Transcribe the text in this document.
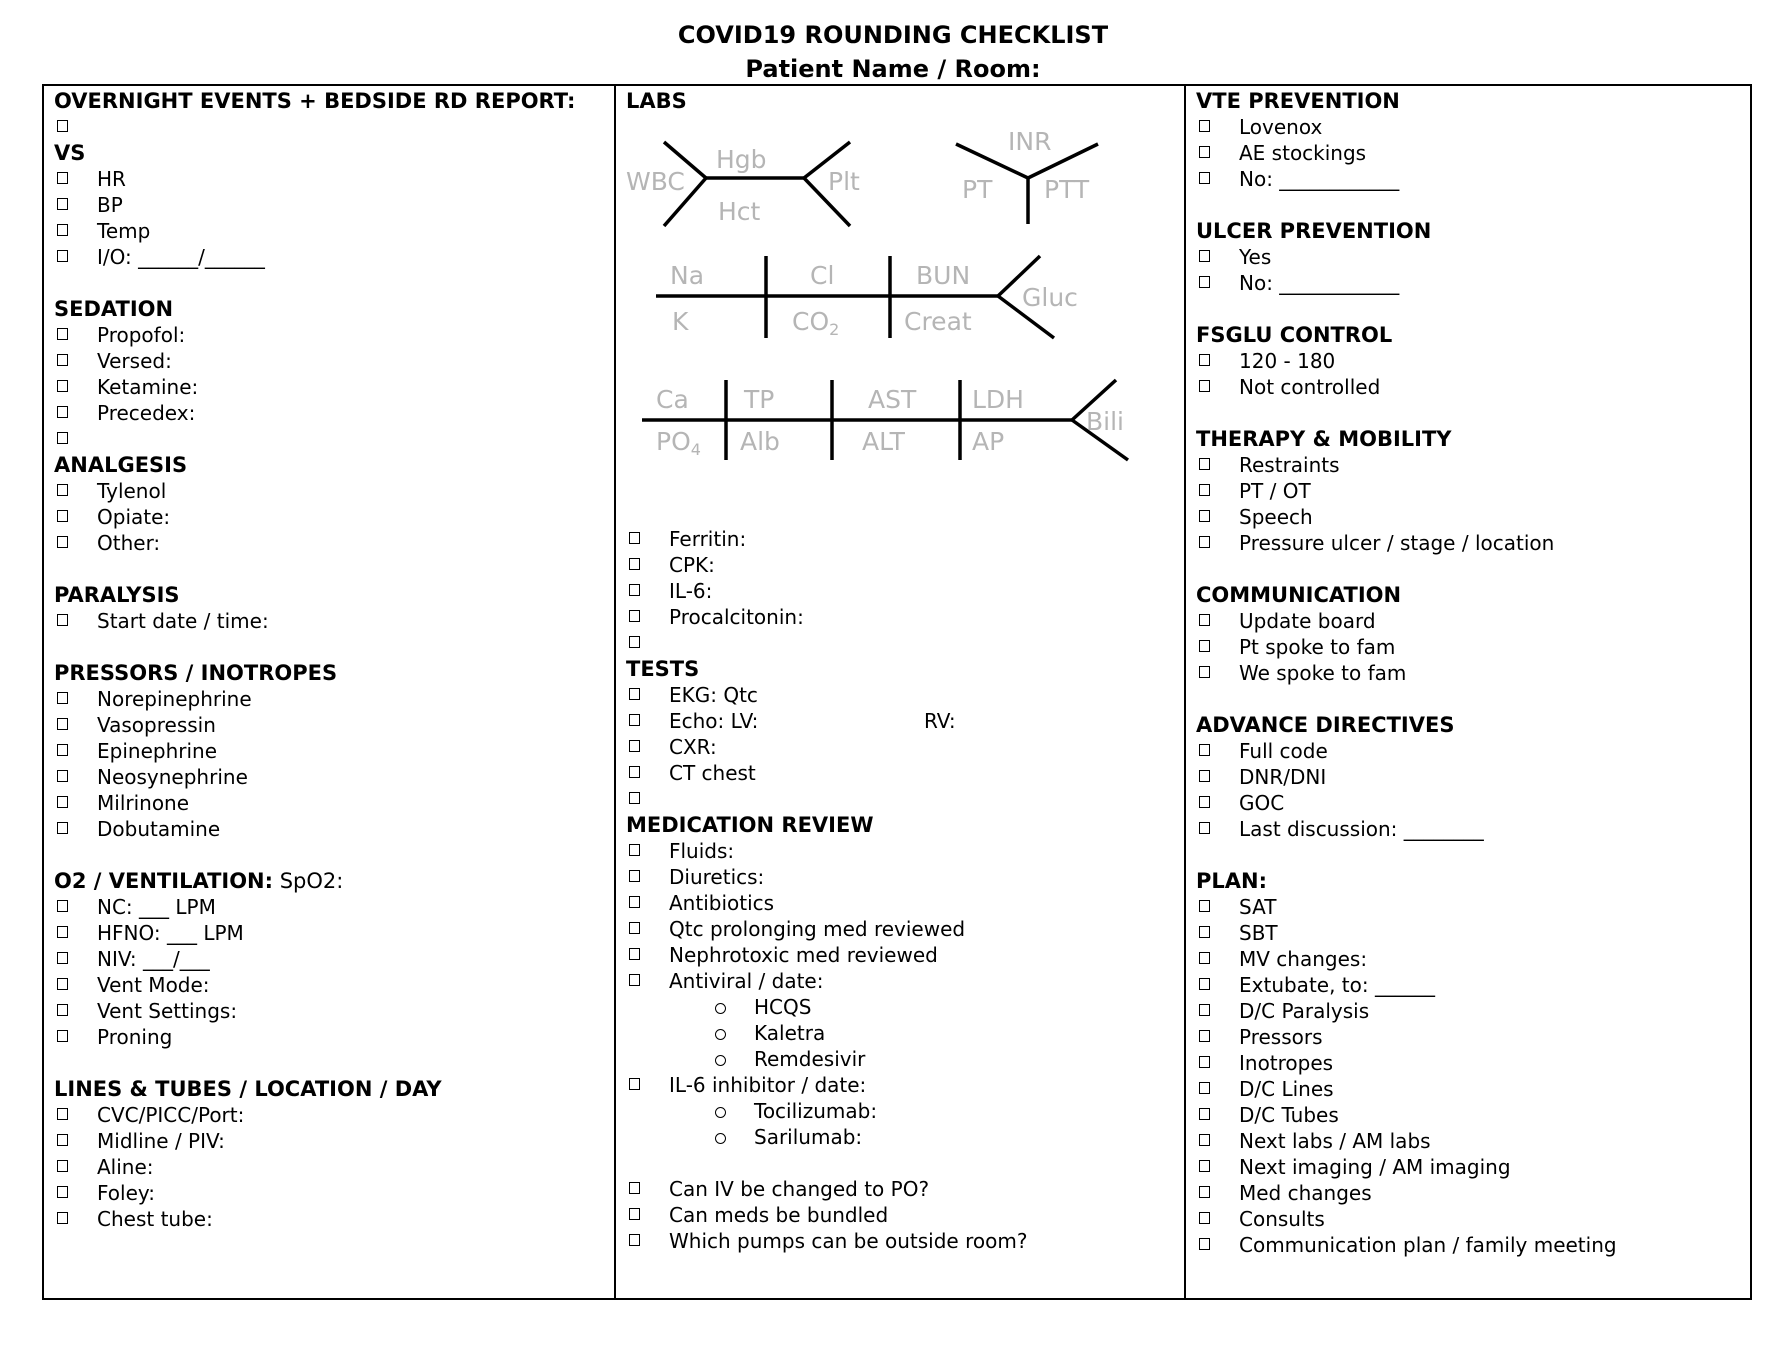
COVID19 ROUNDING CHECKLIST
Patient Name / Room:
OVERNIGHT EVENTS + BEDSIDE RD REPORT:
VS
HR
BP
Temp
I/O: ______/______
SEDATION
Propofol:
Versed:
Ketamine:
Precedex:
ANALGESIS
Tylenol
Opiate:
Other:
PARALYSIS
Start date / time:
PRESSORS / INOTROPES
Norepinephrine
Vasopressin
Epinephrine
Neosynephrine
Milrinone
Dobutamine
O2 / VENTILATION: SpO2:
NC: ___ LPM
HFNO: ___ LPM
NIV: ___/___
Vent Mode:
Vent Settings:
Proning
LINES & TUBES / LOCATION / DAY
CVC/PICC/Port:
Midline / PIV:
Aline:
Foley:
Chest tube:
LABS
WBC
Hgb
Hct
Plt
INR
PT PTT
Na
K
Cl
$CO_2$
BUN
Creat
Gluc
Ca
$PO_4$
TP
Alb
AST
ALT
LDH
AP
Bili
Ferritin:
CPK:
IL-6:
Procalcitonin:
TESTS
EKG: Qtc
Echo: LV:	RV:
CXR:
CT chest
MEDICATION REVIEW
Fluids:
Diuretics:
Antibiotics
Qtc prolonging med reviewed
Nephrotoxic med reviewed
Antiviral / date:
HCQS
Kaletra
Remdesivir
IL-6 inhibitor / date:
Tocilizumab:
Sarilumab:
Can IV be changed to PO?
Can meds be bundled
Which pumps can be outside room?
VTE PREVENTION
Lovenox
AE stockings
No: ____________
ULCER PREVENTION
Yes
No: ____________
FSGLU CONTROL
120 - 180
Not controlled
THERAPY & MOBILITY
Restraints
PT / OT
Speech
Pressure ulcer / stage / location
COMMUNICATION
Update board
Pt spoke to fam
We spoke to fam
ADVANCE DIRECTIVES
Full code
DNR/DNI
GOC
Last discussion: ________
PLAN:
SAT
SBT
MV changes:
Extubate, to: ______
D/C Paralysis
Pressors
Inotropes
D/C Lines
D/C Tubes
Next labs / AM labs
Next imaging / AM imaging
Med changes
Consults
Communication plan / family meeting
